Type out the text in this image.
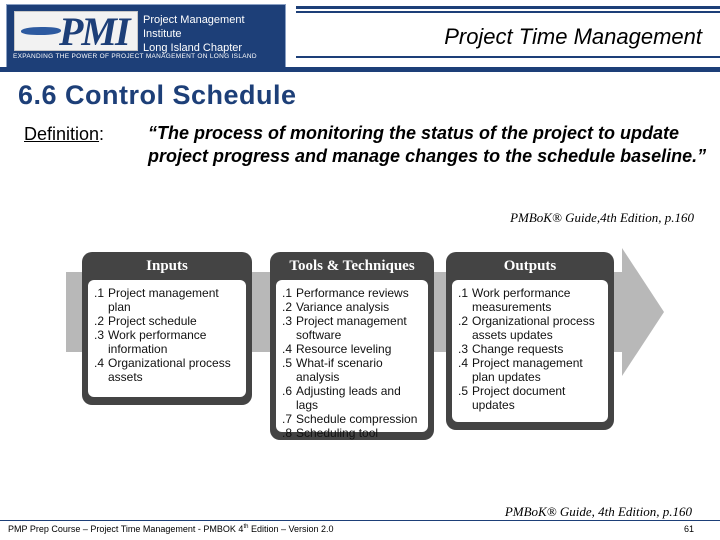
PMI Project Management Institute
Long Island Chapter
EXPANDING THE POWER OF PROJECT MANAGEMENT ON LONG ISLAND
Project Time Management
6.6 Control Schedule
Definition: “The process of monitoring the status of the project to update project progress and manage changes to the schedule baseline.”
PMBoK® Guide,4th Edition, p.160
Inputs
.1 Project management plan
.2 Project schedule
.3 Work performance information
.4 Organizational process assets
Tools & Techniques
.1 Performance reviews
.2 Variance analysis
.3 Project management software
.4 Resource leveling
.5 What-if scenario analysis
.6 Adjusting leads and lags
.7 Schedule compression
.8 Scheduling tool
Outputs
.1 Work performance measurements
.2 Organizational process assets updates
.3 Change requests
.4 Project management plan updates
.5 Project document updates
PMBoK® Guide, 4th Edition, p.160
PMP Prep Course – Project Time Management - PMBOK 4th Edition – Version 2.0	61
